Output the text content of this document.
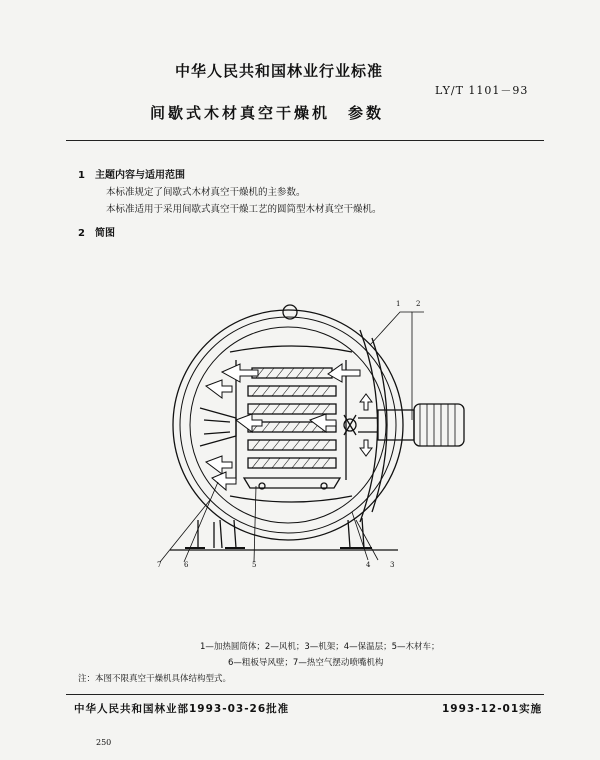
中华人民共和国林业行业标准
LY/T 1101－93
间歇式木材真空干燥机　参数
1　主题内容与适用范围
本标准规定了间歇式木材真空干燥机的主参数。
本标准适用于采用间歇式真空干燥工艺的圆筒型木材真空干燥机。
2　简图
1 2
3
4
5
6
7
1—加热圆筒体；2—风机；3—机架；4—保温层；5—木材车；
6—粗板导风壁；7—热空气摆动喷嘴机构
注：本图不限真空干燥机具体结构型式。
中华人民共和国林业部1993-03-26批准	1993-12-01实施
250
